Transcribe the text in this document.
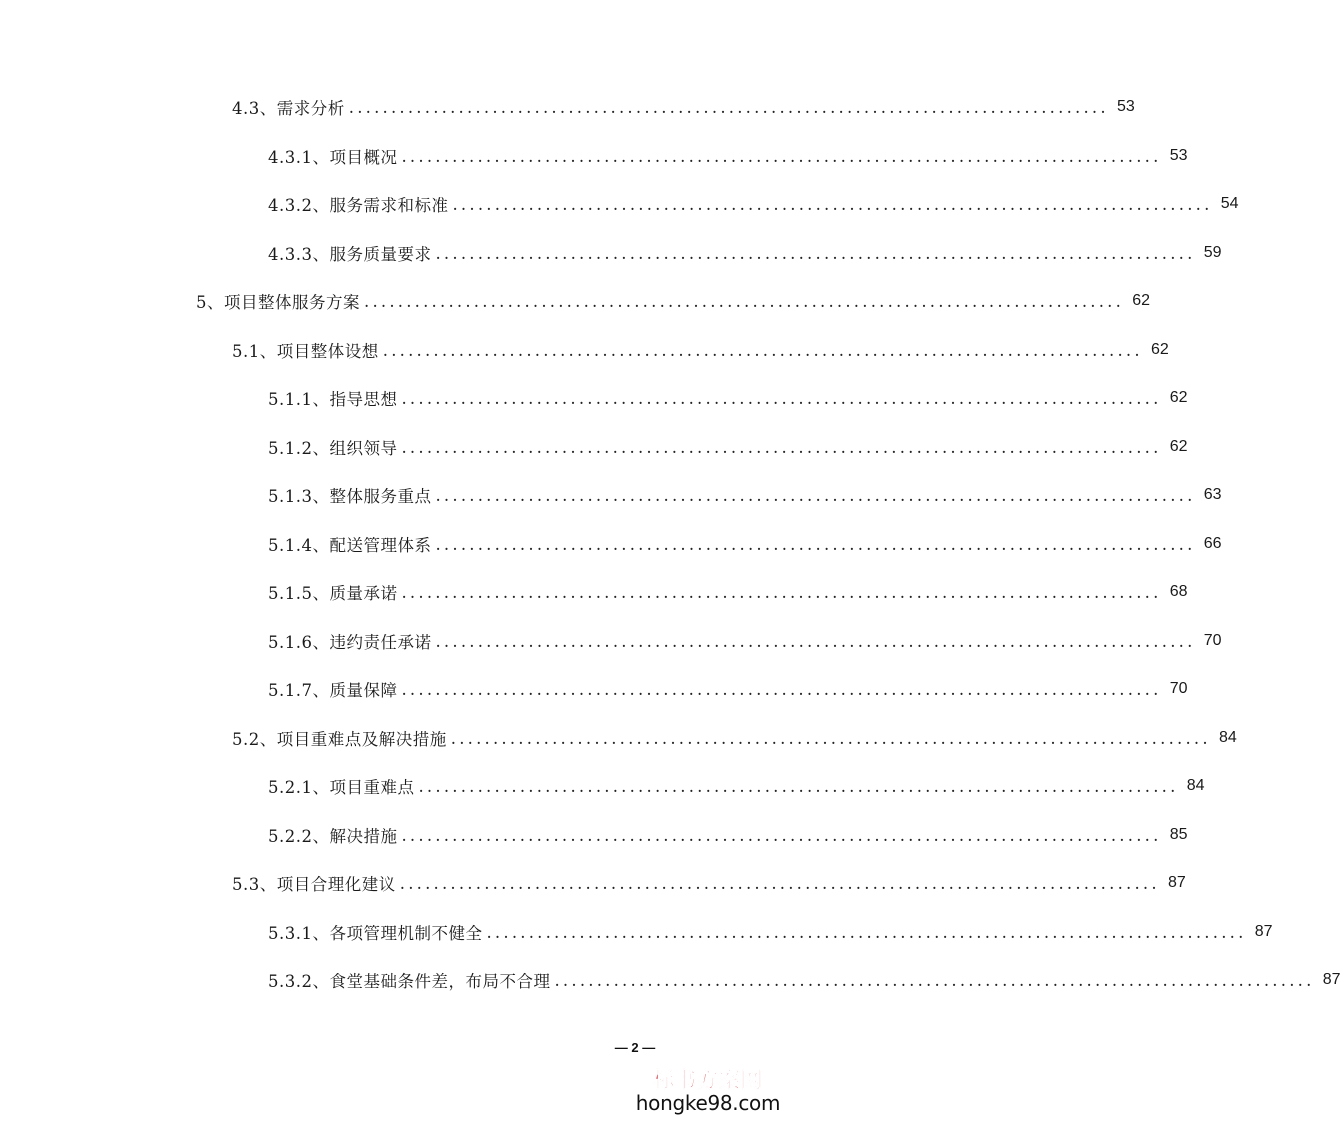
4.3、需求分析 .......................................................................................... 53
4.3.1、项目概况 .......................................................................................... 53
4.3.2、服务需求和标准 .......................................................................................... 54
4.3.3、服务质量要求 .......................................................................................... 59
5、项目整体服务方案 .......................................................................................... 62
5.1、项目整体设想 .......................................................................................... 62
5.1.1、指导思想 .......................................................................................... 62
5.1.2、组织领导 .......................................................................................... 62
5.1.3、整体服务重点 .......................................................................................... 63
5.1.4、配送管理体系 .......................................................................................... 66
5.1.5、质量承诺 .......................................................................................... 68
5.1.6、违约责任承诺 .......................................................................................... 70
5.1.7、质量保障 .......................................................................................... 70
5.2、项目重难点及解决措施 .......................................................................................... 84
5.2.1、项目重难点 .......................................................................................... 84
5.2.2、解决措施 .......................................................................................... 85
5.3、项目合理化建议 .......................................................................................... 87
5.3.1、各项管理机制不健全 .......................................................................................... 87
5.3.2、食堂基础条件差，布局不合理 .......................................................................................... 87
— 2 —
标书方案网
hongke98.com
